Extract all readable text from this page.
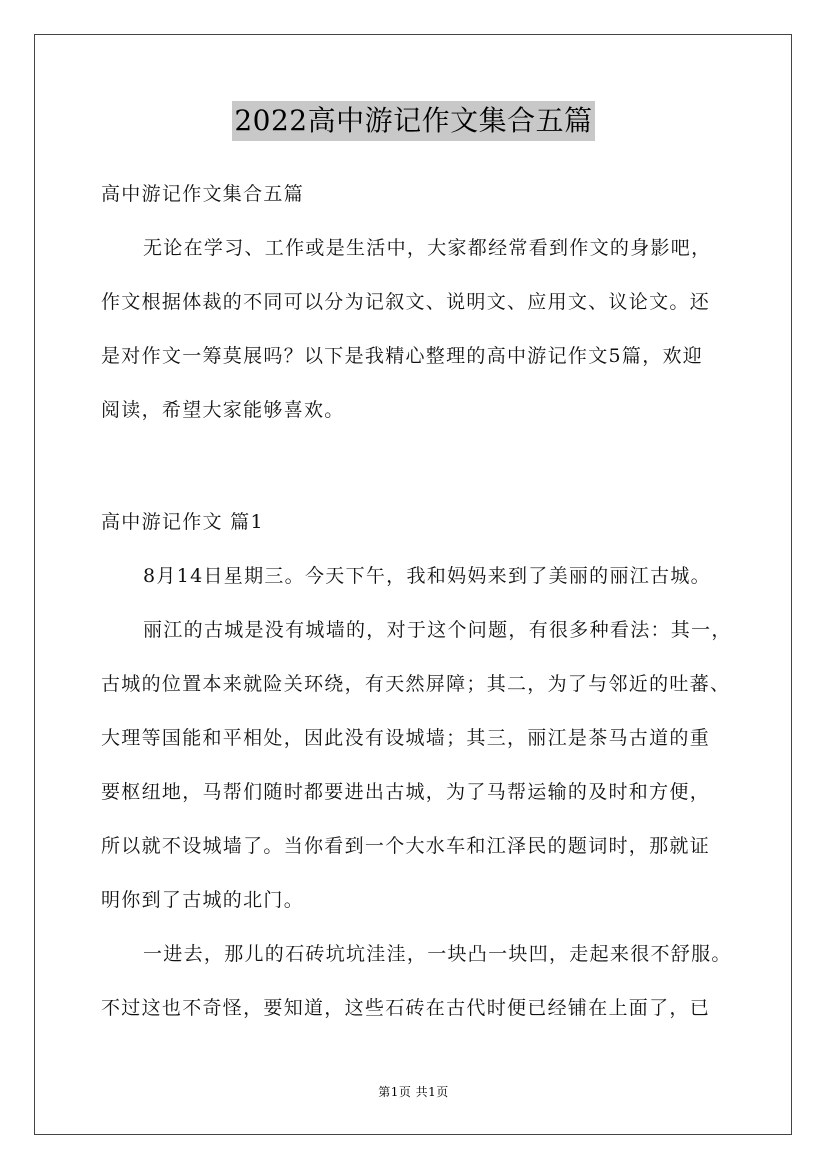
2022高中游记作文集合五篇
高中游记作文集合五篇
无论在学习、工作或是生活中，大家都经常看到作文的身影吧，
作文根据体裁的不同可以分为记叙文、说明文、应用文、议论文。还
是对作文一筹莫展吗？以下是我精心整理的高中游记作文5篇，欢迎
阅读，希望大家能够喜欢。
高中游记作文 篇1
8月14日星期三。今天下午，我和妈妈来到了美丽的丽江古城。
丽江的古城是没有城墙的，对于这个问题，有很多种看法：其一，
古城的位置本来就险关环绕，有天然屏障；其二，为了与邻近的吐蕃、
大理等国能和平相处，因此没有设城墙；其三，丽江是茶马古道的重
要枢纽地，马帮们随时都要进出古城，为了马帮运输的及时和方便，
所以就不设城墙了。当你看到一个大水车和江泽民的题词时，那就证
明你到了古城的北门。
一进去，那儿的石砖坑坑洼洼，一块凸一块凹，走起来很不舒服。
不过这也不奇怪，要知道，这些石砖在古代时便已经铺在上面了，已
第1页 共1页
